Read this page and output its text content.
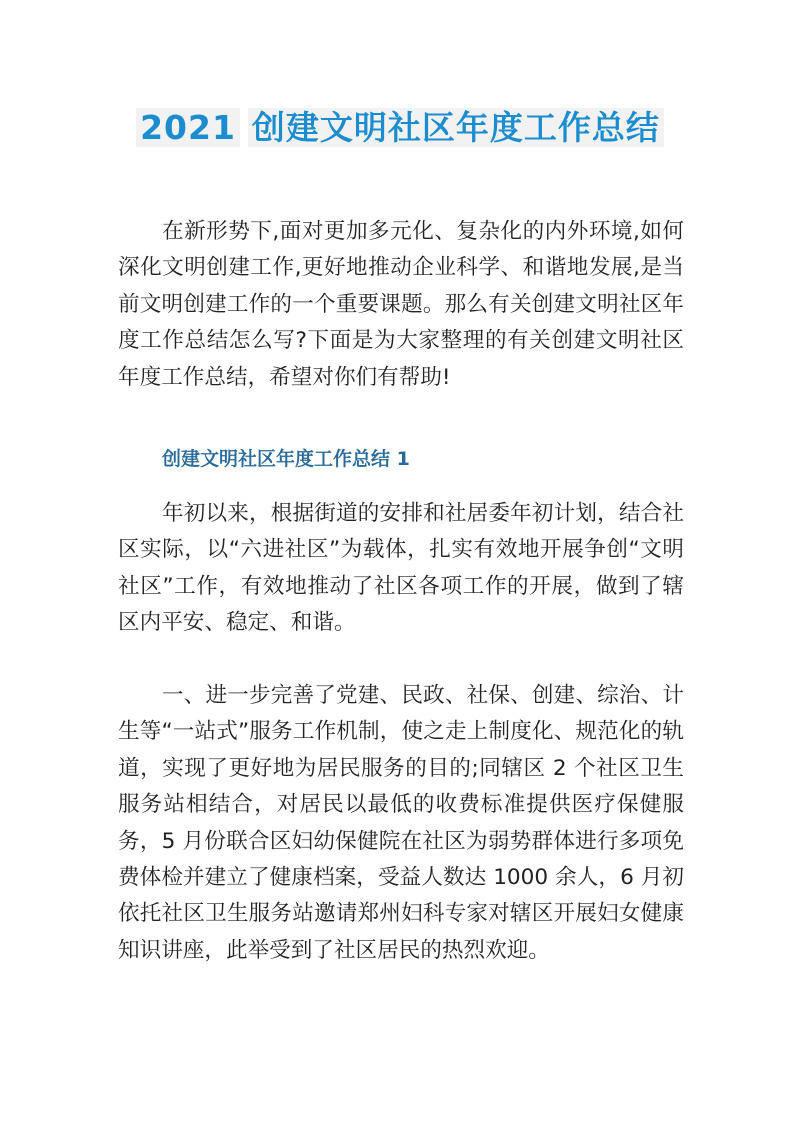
2021 创建文明社区年度工作总结

在新形势下,面对更加多元化、复杂化的内外环境,如何深化文明创建工作,更好地推动企业科学、和谐地发展,是当前文明创建工作的一个重要课题。那么有关创建文明社区年度工作总结怎么写?下面是为大家整理的有关创建文明社区年度工作总结，希望对你们有帮助!

创建文明社区年度工作总结 1

年初以来，根据街道的安排和社居委年初计划，结合社区实际，以“六进社区”为载体，扎实有效地开展争创“文明社区”工作，有效地推动了社区各项工作的开展，做到了辖区内平安、稳定、和谐。

一、进一步完善了党建、民政、社保、创建、综治、计生等“一站式”服务工作机制，使之走上制度化、规范化的轨道，实现了更好地为居民服务的目的;同辖区 2 个社区卫生服务站相结合，对居民以最低的收费标准提供医疗保健服务，5 月份联合区妇幼保健院在社区为弱势群体进行多项免费体检并建立了健康档案，受益人数达 1000 余人，6 月初依托社区卫生服务站邀请郑州妇科专家对辖区开展妇女健康知识讲座，此举受到了社区居民的热烈欢迎。
